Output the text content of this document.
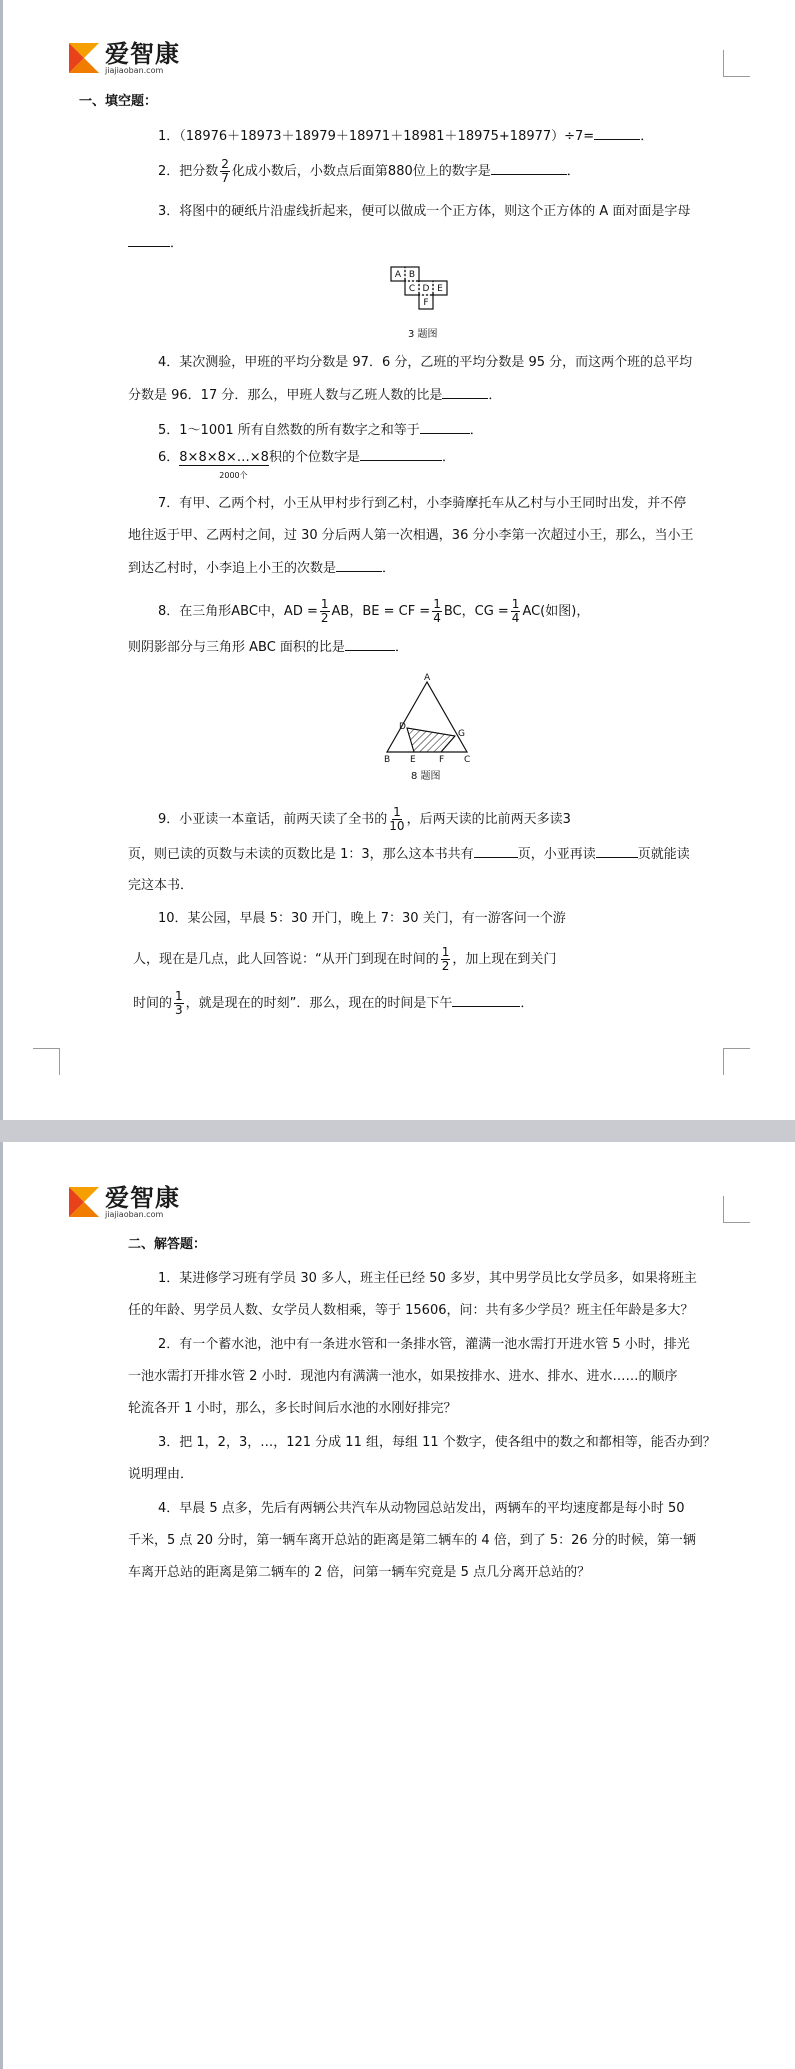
爱智康
jiajiaoban.com
一、填空题：
1．（18976＋18973＋18979＋18971＋18981＋18975+18977）÷7=	．
2．把分数 $\frac{2}{7}$ 化成小数后，小数点后面第880位上的数字是	．
3．将图中的硬纸片沿虚线折起来，便可以做成一个正方体，则这个正方体的 A 面对面是字母
．
A B
C D E
F
3 题图
4．某次测验，甲班的平均分数是 97．6 分，乙班的平均分数是 95 分，而这两个班的总平均
分数是 96．17 分．那么，甲班人数与乙班人数的比是	．
5．1～1001 所有自然数的所有数字之和等于	．
6．8×8×8×…×8
2000个
积的个位数字是	．
7．有甲、乙两个村，小王从甲村步行到乙村，小李骑摩托车从乙村与小王同时出发，并不停
地往返于甲、乙两村之间，过 30 分后两人第一次相遇，36 分小李第一次超过小王，那么，当小王
到达乙村时，小李追上小王的次数是	．
8．在三角形ABC中，AD = $\frac{1}{2}$ AB，BE = CF = $\frac{1}{4}$ BC，CG = $\frac{1}{4} AC$(如图)，
则阴影部分与三角形 ABC 面积的比是	．
A
D
G
B E	F C
8 题图
9．小亚读一本童话，前两天读了全书的 $\frac{1}{10}$ ，后两天读的比前两天多读3
页，则已读的页数与未读的页数比是 1：3，那么这本书共有	页，小亚再读	页就能读
完这本书．
10．某公园，早晨 5：30 开门，晚上 7：30 关门，有一游客问一个游
人，现在是几点，此人回答说：“从开门到现在时间的 $\frac{1}{2}$ ，加上现在到关门
时间的 $\frac{1}{3}$ ，就是现在的时刻”．那么，现在的时间是下午	．
爱智康
jiajiaoban.com
二、解答题：
1．某进修学习班有学员 30 多人，班主任已经 50 多岁，其中男学员比女学员多，如果将班主
任的年龄、男学员人数、女学员人数相乘，等于 15606，问：共有多少学员？班主任年龄是多大？
2．有一个蓄水池，池中有一条进水管和一条排水管，灌满一池水需打开进水管 5 小时，排光
一池水需打开排水管 2 小时．现池内有满满一池水，如果按排水、进水、排水、进水……的顺序
轮流各开 1 小时，那么，多长时间后水池的水刚好排完？
3．把 1，2，3，…，121 分成 11 组，每组 11 个数字，使各组中的数之和都相等，能否办到？
说明理由．
4．早晨 5 点多，先后有两辆公共汽车从动物园总站发出，两辆车的平均速度都是每小时 50
千米，5 点 20 分时，第一辆车离开总站的距离是第二辆车的 4 倍，到了 5：26 分的时候，第一辆
车离开总站的距离是第二辆车的 2 倍，问第一辆车究竟是 5 点几分离开总站的？
